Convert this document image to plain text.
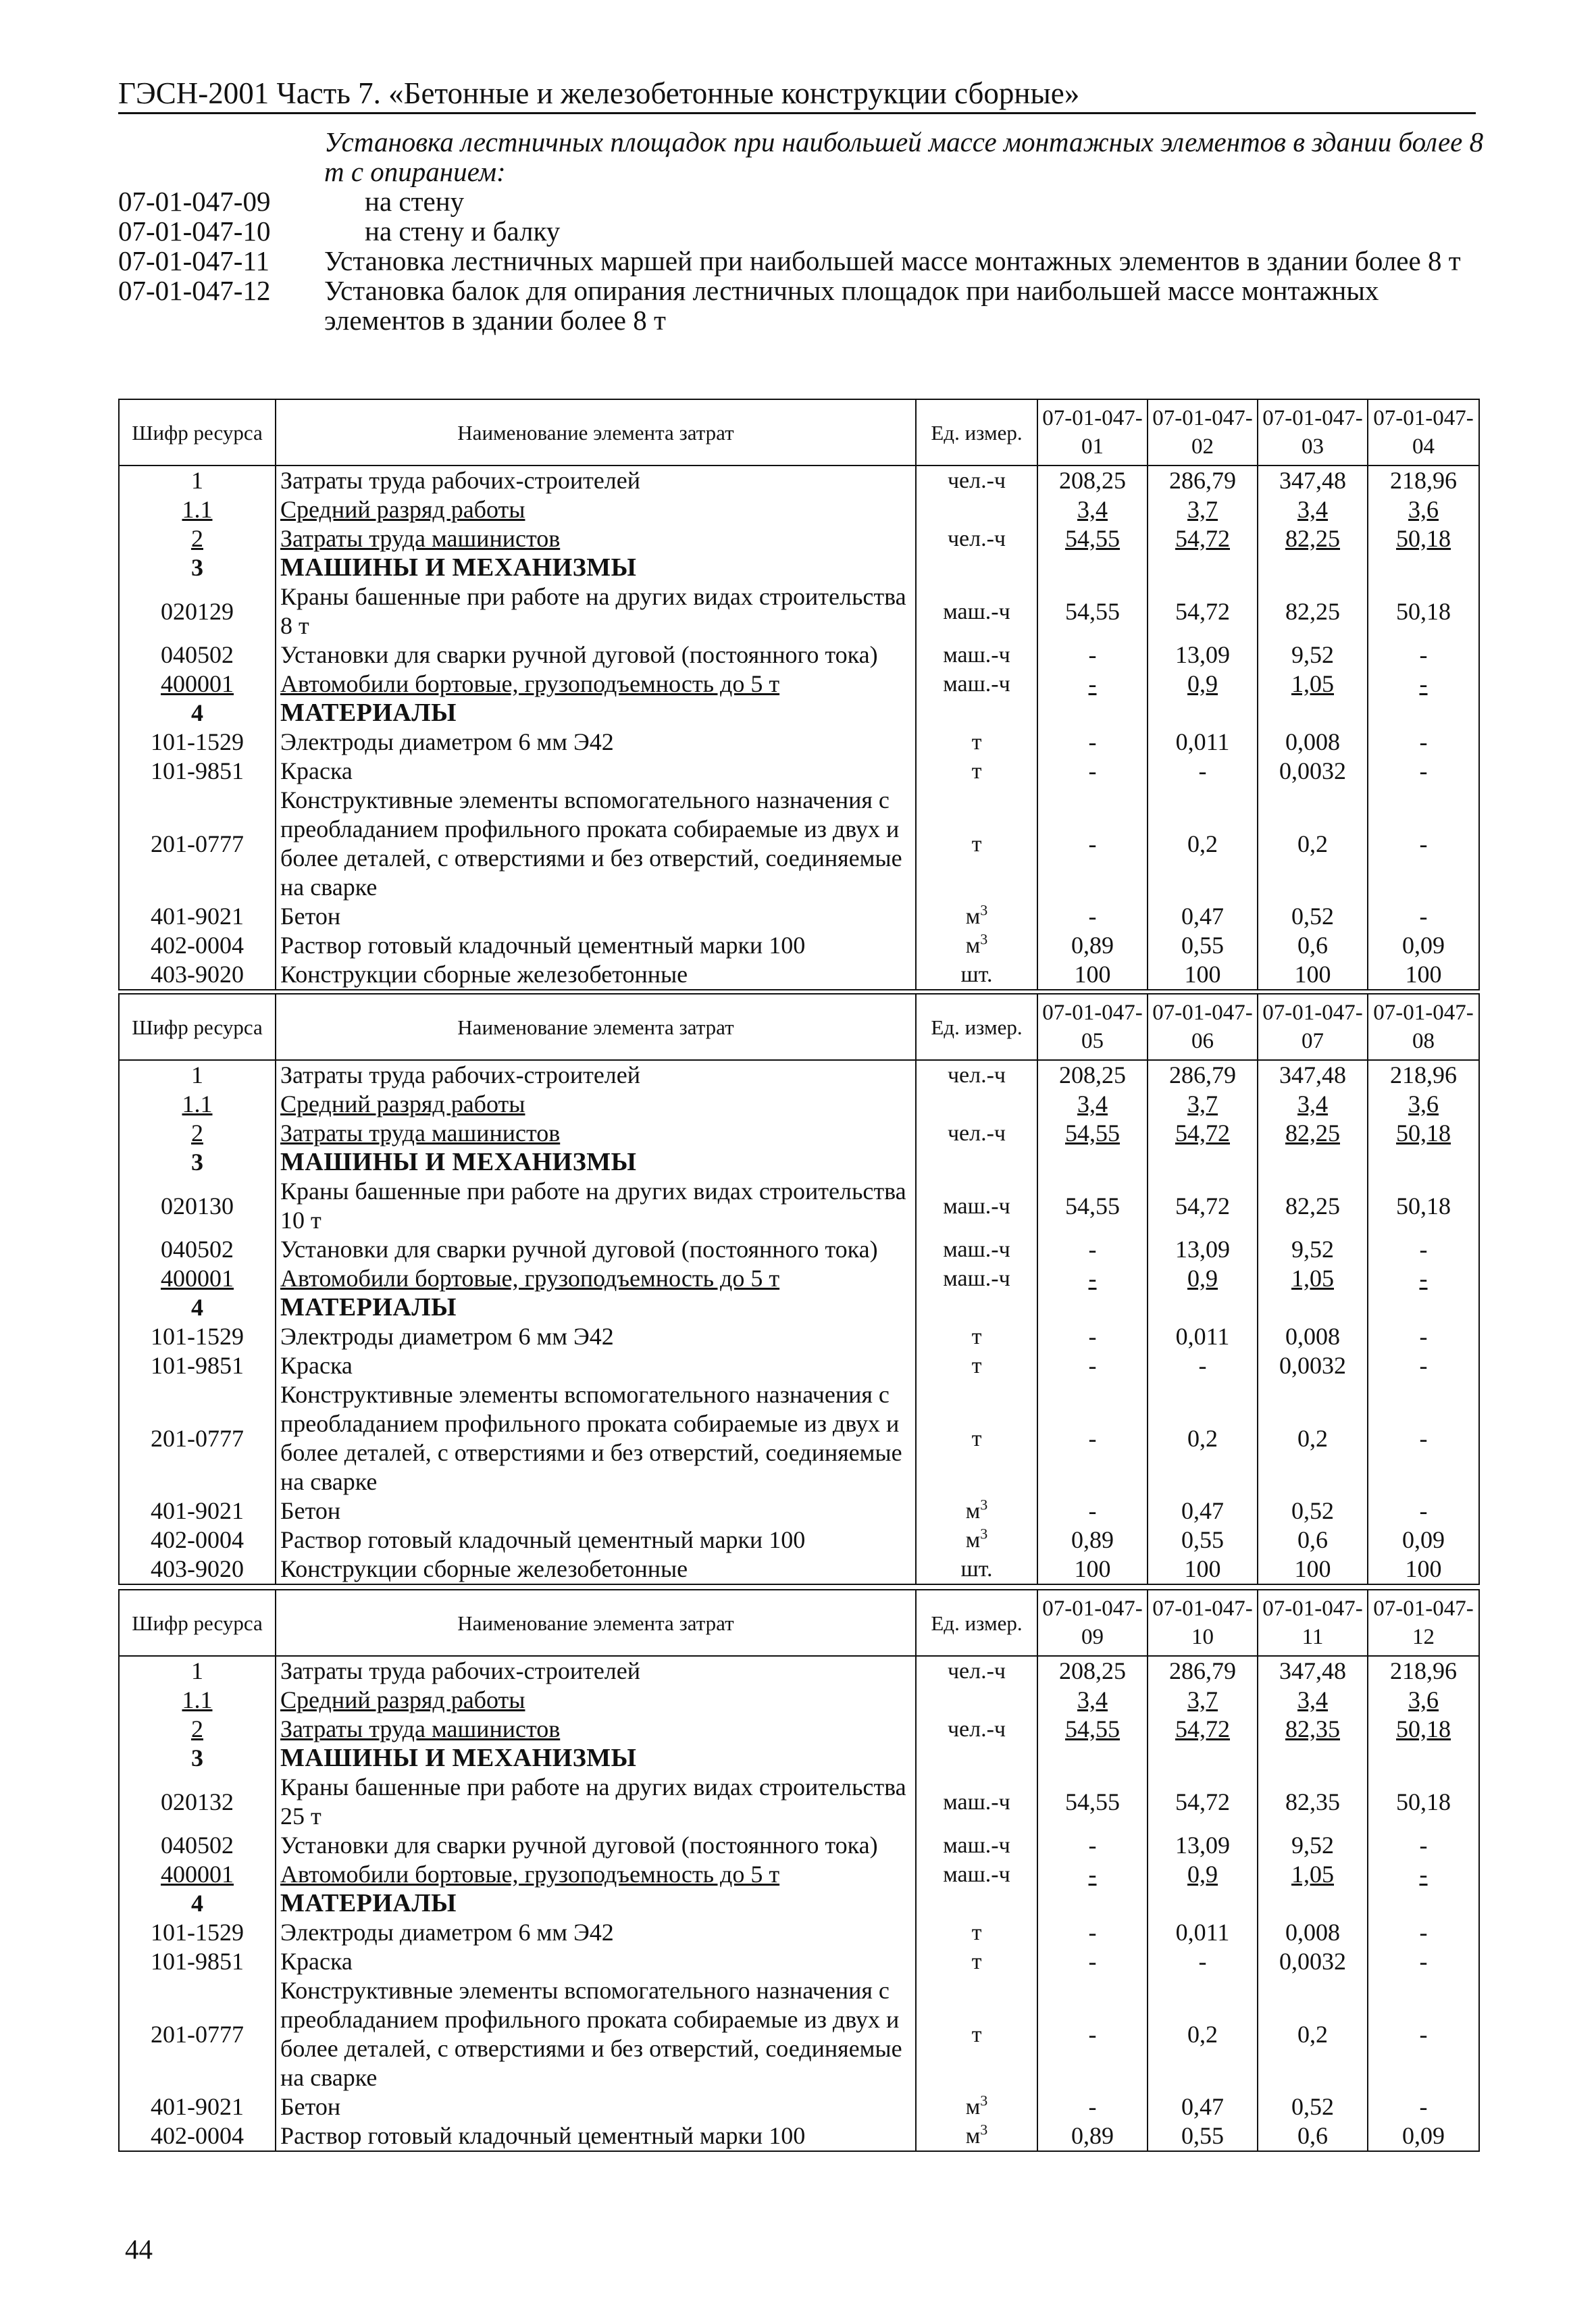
ГЭСН-2001 Часть 7. «Бетонные и железобетонные конструкции сборные»
Установка лестничных площадок при наибольшей массе монтажных элементов в здании более 8 т с опиранием:
07-01-047-09	на стену
07-01-047-10	на стену и балку
07-01-047-11	Установка лестничных маршей при наибольшей массе монтажных элементов в здании более 8 т
07-01-047-12	Установка балок для опирания лестничных площадок при наибольшей массе монтажных элементов в здании более 8 т
Шифр ресурса	Наименование элемента затрат	Ед. измер.	07-01-047-01	07-01-047-02	07-01-047-03	07-01-047-04
1	Затраты труда рабочих-строителей	чел.-ч	208,25	286,79	347,48	218,96
1.1	Средний разряд работы		3,4	3,7	3,4	3,6
2	Затраты труда машинистов	чел.-ч	54,55	54,72	82,25	50,18
3	МАШИНЫ И МЕХАНИЗМЫ					
020129	Краны башенные при работе на других видах строительства 8 т	маш.-ч	54,55	54,72	82,25	50,18
040502	Установки для сварки ручной дуговой (постоянного тока)	маш.-ч	-	13,09	9,52	-
400001	Автомобили бортовые, грузоподъемность до 5 т	маш.-ч	-	0,9	1,05	-
4	МАТЕРИАЛЫ					
101-1529	Электроды диаметром 6 мм Э42	т	-	0,011	0,008	-
101-9851	Краска	т	-	-	0,0032	-
201-0777	Конструктивные элементы вспомогательного назначения с преобладанием профильного проката собираемые из двух и более деталей, с отверстиями и без отверстий, соединяемые на сварке	т	-	0,2	0,2	-
401-9021	Бетон	$м^3$	-	0,47	0,52	-
402-0004	Раствор готовый кладочный цементный марки 100	$м^3$	0,89	0,55	0,6	0,09
403-9020	Конструкции сборные железобетонные	шт.	100	100	100	100
Шифр ресурса	Наименование элемента затрат	Ед. измер.	07-01-047-05	07-01-047-06	07-01-047-07	07-01-047-08
1	Затраты труда рабочих-строителей	чел.-ч	208,25	286,79	347,48	218,96
1.1	Средний разряд работы		3,4	3,7	3,4	3,6
2	Затраты труда машинистов	чел.-ч	54,55	54,72	82,25	50,18
3	МАШИНЫ И МЕХАНИЗМЫ					
020130	Краны башенные при работе на других видах строительства 10 т	маш.-ч	54,55	54,72	82,25	50,18
040502	Установки для сварки ручной дуговой (постоянного тока)	маш.-ч	-	13,09	9,52	-
400001	Автомобили бортовые, грузоподъемность до 5 т	маш.-ч	-	0,9	1,05	-
4	МАТЕРИАЛЫ					
101-1529	Электроды диаметром 6 мм Э42	т	-	0,011	0,008	-
101-9851	Краска	т	-	-	0,0032	-
201-0777	Конструктивные элементы вспомогательного назначения с преобладанием профильного проката собираемые из двух и более деталей, с отверстиями и без отверстий, соединяемые на сварке	т	-	0,2	0,2	-
401-9021	Бетон	$м^3$	-	0,47	0,52	-
402-0004	Раствор готовый кладочный цементный марки 100	$м^3$	0,89	0,55	0,6	0,09
403-9020	Конструкции сборные железобетонные	шт.	100	100	100	100
Шифр ресурса	Наименование элемента затрат	Ед. измер.	07-01-047-09	07-01-047-10	07-01-047-11	07-01-047-12
1	Затраты труда рабочих-строителей	чел.-ч	208,25	286,79	347,48	218,96
1.1	Средний разряд работы		3,4	3,7	3,4	3,6
2	Затраты труда машинистов	чел.-ч	54,55	54,72	82,35	50,18
3	МАШИНЫ И МЕХАНИЗМЫ					
020132	Краны башенные при работе на других видах строительства 25 т	маш.-ч	54,55	54,72	82,35	50,18
040502	Установки для сварки ручной дуговой (постоянного тока)	маш.-ч	-	13,09	9,52	-
400001	Автомобили бортовые, грузоподъемность до 5 т	маш.-ч	-	0,9	1,05	-
4	МАТЕРИАЛЫ					
101-1529	Электроды диаметром 6 мм Э42	т	-	0,011	0,008	-
101-9851	Краска	т	-	-	0,0032	-
201-0777	Конструктивные элементы вспомогательного назначения с преобладанием профильного проката собираемые из двух и более деталей, с отверстиями и без отверстий, соединяемые на сварке	т	-	0,2	0,2	-
401-9021	Бетон	$м^3$	-	0,47	0,52	-
402-0004	Раствор готовый кладочный цементный марки 100	$м^3$	0,89	0,55	0,6	0,09
44
